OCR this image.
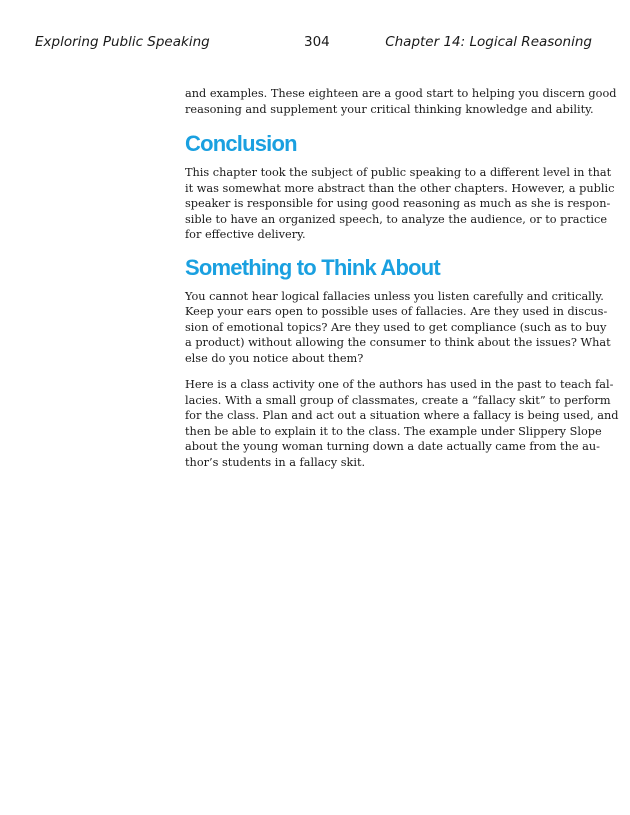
Exploring Public Speaking	304	Chapter 14: Logical Reasoning

and examples. These eighteen are a good start to helping you discern good
reasoning and supplement your critical thinking knowledge and ability.

Conclusion

This chapter took the subject of public speaking to a different level in that
it was somewhat more abstract than the other chapters. However, a public
speaker is responsible for using good reasoning as much as she is respon-
sible to have an organized speech, to analyze the audience, or to practice
for effective delivery.

Something to Think About

You cannot hear logical fallacies unless you listen carefully and critically.
Keep your ears open to possible uses of fallacies. Are they used in discus-
sion of emotional topics? Are they used to get compliance (such as to buy
a product) without allowing the consumer to think about the issues? What
else do you notice about them?

Here is a class activity one of the authors has used in the past to teach fal-
lacies. With a small group of classmates, create a “fallacy skit” to perform
for the class. Plan and act out a situation where a fallacy is being used, and
then be able to explain it to the class. The example under Slippery Slope
about the young woman turning down a date actually came from the au-
thor’s students in a fallacy skit.
